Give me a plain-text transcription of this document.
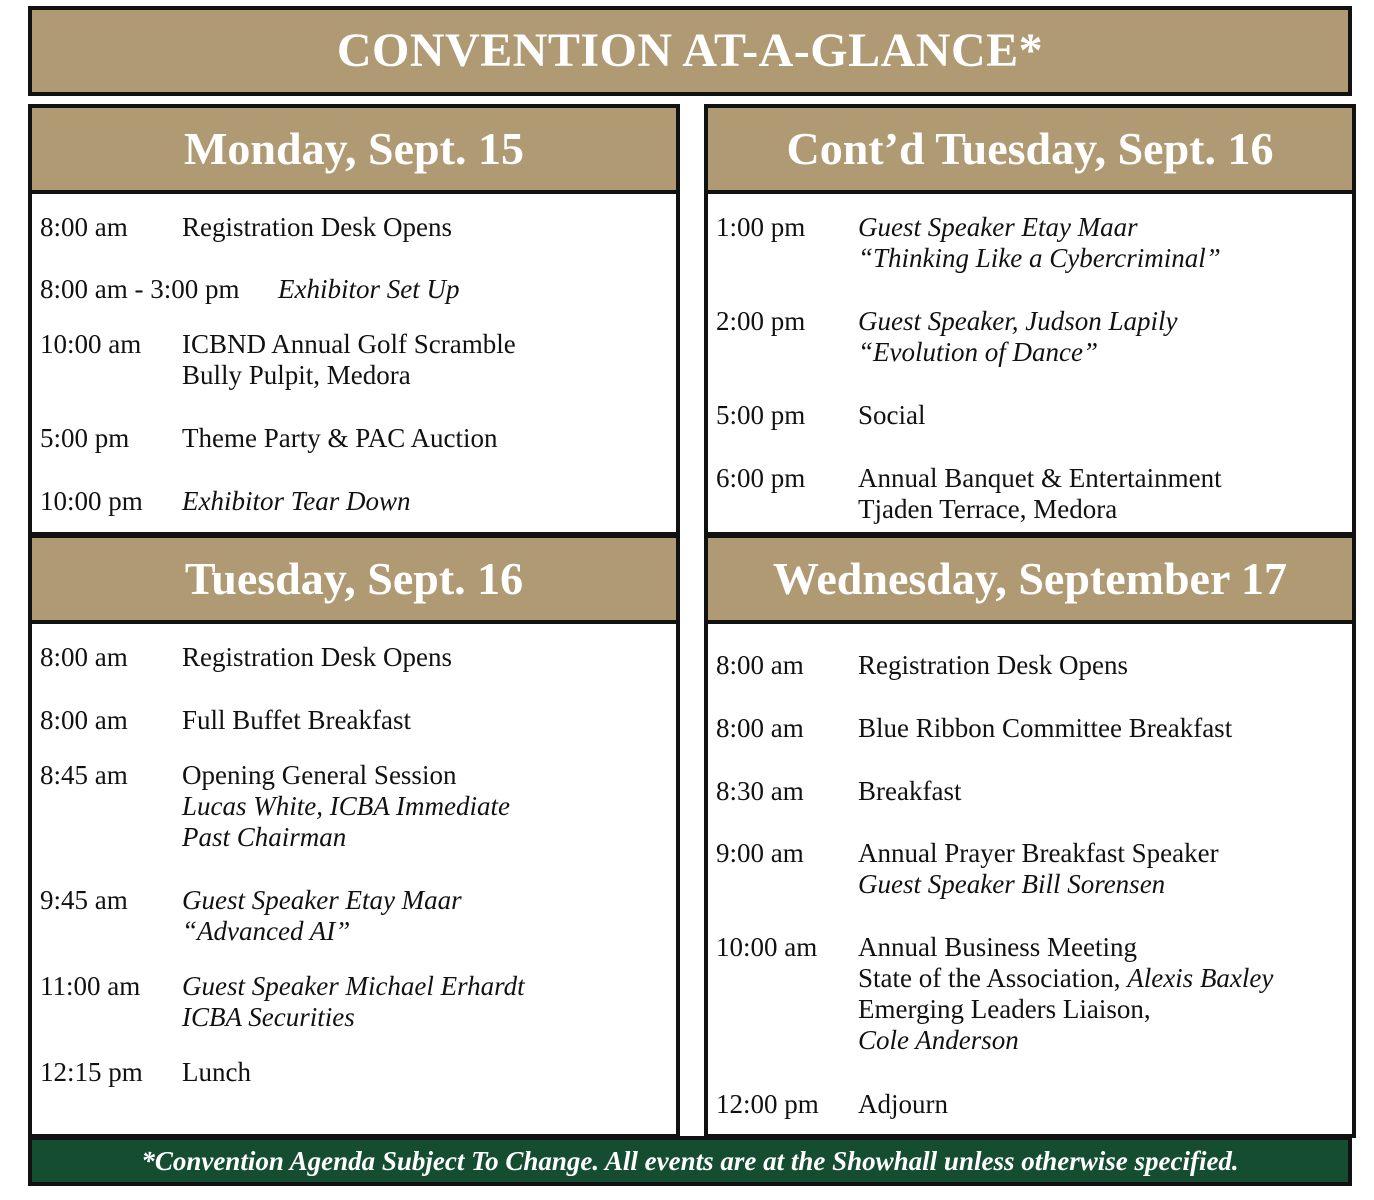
CONVENTION AT-A-GLANCE*
Monday, Sept. 15
8:00 am Registration Desk Opens
8:00 am - 3:00 pm Exhibitor Set Up
10:00 am ICBND Annual Golf Scramble
Bully Pulpit, Medora
5:00 pm Theme Party & PAC Auction
10:00 pm Exhibitor Tear Down
Cont’d Tuesday, Sept. 16
1:00 pm Guest Speaker Etay Maar
“Thinking Like a Cybercriminal”
2:00 pm Guest Speaker, Judson Lapily
“Evolution of Dance”
5:00 pm Social
6:00 pm Annual Banquet & Entertainment
Tjaden Terrace, Medora
Tuesday, Sept. 16
8:00 am Registration Desk Opens
8:00 am Full Buffet Breakfast
8:45 am Opening General Session
Lucas White, ICBA Immediate
Past Chairman
9:45 am Guest Speaker Etay Maar
“Advanced AI”
11:00 am Guest Speaker Michael Erhardt
ICBA Securities
12:15 pm Lunch
Wednesday, September 17
8:00 am Registration Desk Opens
8:00 am Blue Ribbon Committee Breakfast
8:30 am Breakfast
9:00 am Annual Prayer Breakfast Speaker
Guest Speaker Bill Sorensen
10:00 am Annual Business Meeting
State of the Association, Alexis Baxley
Emerging Leaders Liaison,
Cole Anderson
12:00 pm Adjourn
*Convention Agenda Subject To Change. All events are at the Showhall unless otherwise specified.
